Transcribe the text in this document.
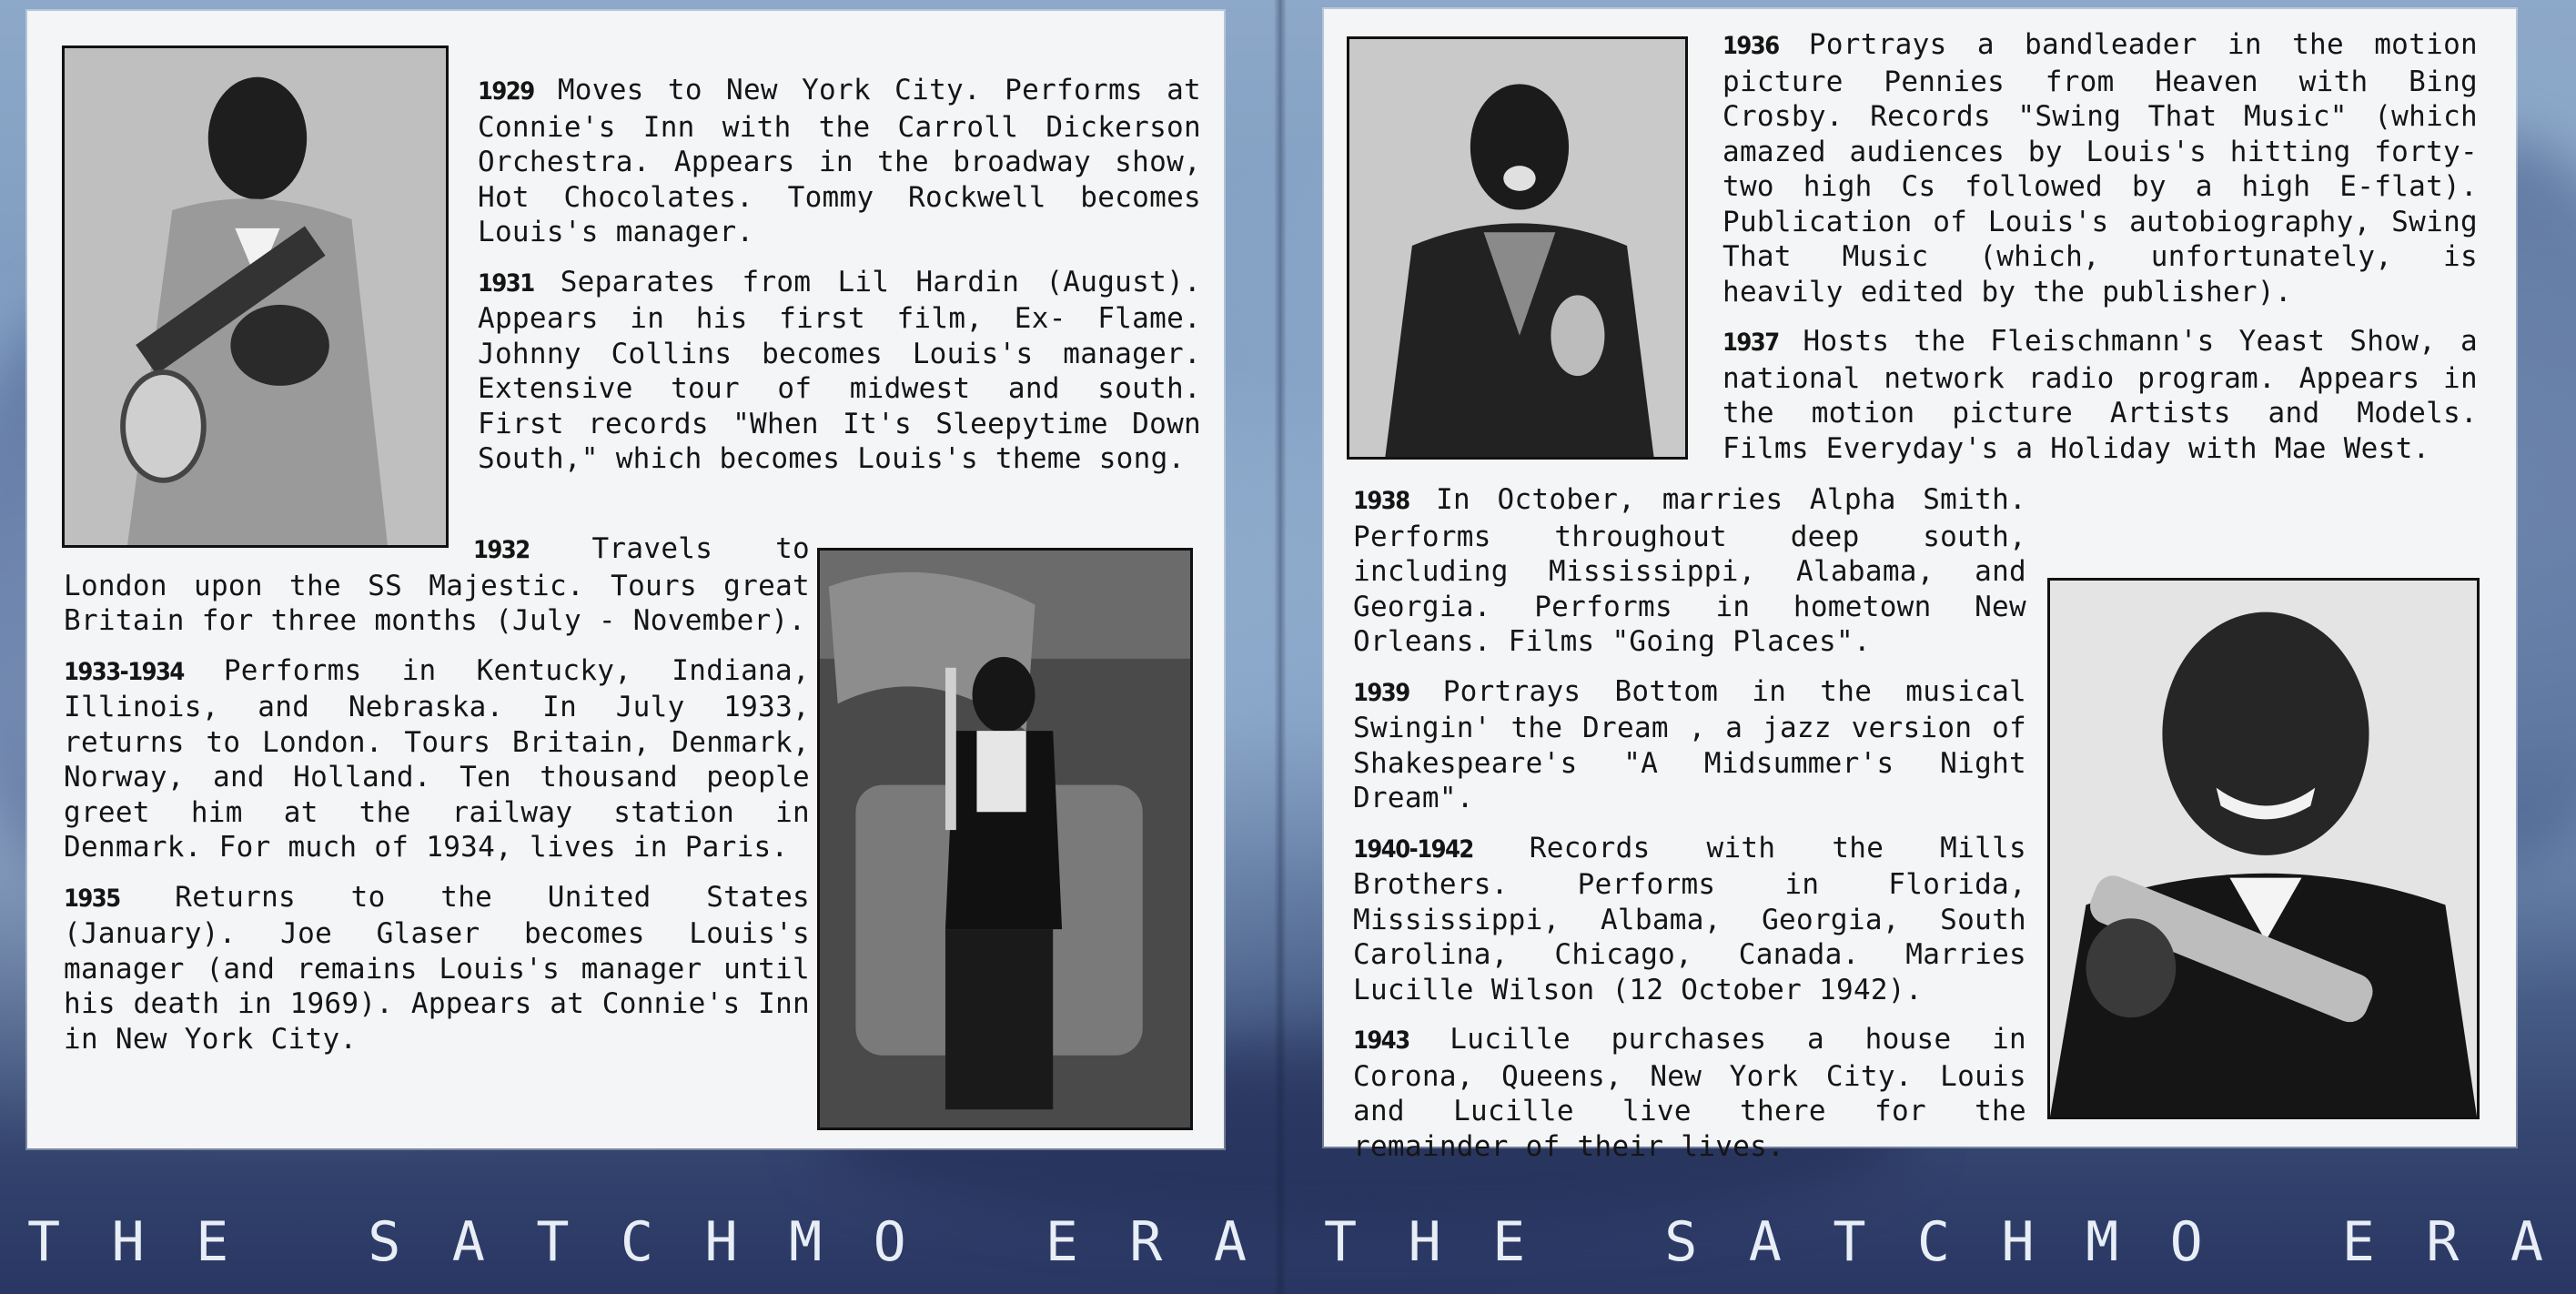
1929 Moves to New York City. Performs at Connie's Inn with the Carroll Dickerson Orchestra. Appears in the broadway show, Hot Chocolates. Tommy Rockwell becomes Louis's manager.

1931 Separates from Lil Hardin (August). Appears in his first film, Ex- Flame. Johnny Collins becomes Louis's manager. Extensive tour of midwest and south. First records "When It's Sleepytime Down South," which becomes Louis's theme song.

1932 Travels to London upon the SS Majestic. Tours great Britain for three months (July - November).

1933-1934 Performs in Kentucky, Indiana, Illinois, and Nebraska. In July 1933, returns to London. Tours Britain, Denmark, Norway, and Holland. Ten thousand people greet him at the railway station in Denmark. For much of 1934, lives in Paris.

1935 Returns to the United States (January). Joe Glaser becomes Louis's manager (and remains Louis's manager until his death in 1969). Appears at Connie's Inn in New York City.

1936 Portrays a bandleader in the motion picture Pennies from Heaven with Bing Crosby. Records "Swing That Music" (which amazed audiences by Louis's hitting forty-two high Cs followed by a high E-flat). Publication of Louis's autobiography, Swing That Music (which, unfortunately, is heavily edited by the publisher).

1937 Hosts the Fleischmann's Yeast Show, a national network radio program. Appears in the motion picture Artists and Models. Films Everyday's a Holiday with Mae West.

1938 In October, marries Alpha Smith. Performs throughout deep south, including Mississippi, Alabama, and Georgia. Performs in hometown New Orleans. Films "Going Places".

1939 Portrays Bottom in the musical Swingin' the Dream , a jazz version of Shakespeare's "A Midsummer's Night Dream".

1940-1942 Records with the Mills Brothers. Performs in Florida, Mississippi, Albama, Georgia, South Carolina, Chicago, Canada. Marries Lucille Wilson (12 October 1942).

1943 Lucille purchases a house in Corona, Queens, New York City. Louis and Lucille live there for the remainder of their lives.

T H E	S A T C H M O	E R A T H E	S A T C H M O	E R A
